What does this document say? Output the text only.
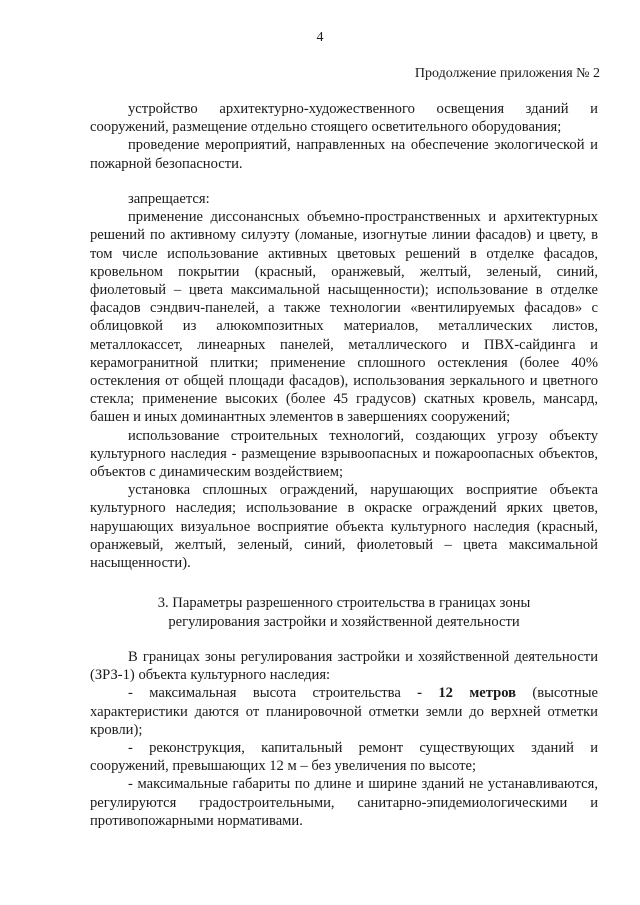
4
Продолжение приложения № 2

устройство архитектурно-художественного освещения зданий и сооружений, размещение отдельно стоящего осветительного оборудования;

проведение мероприятий, направленных на обеспечение экологической и пожарной безопасности.

запрещается:

применение диссонансных объемно-пространственных и архитектурных решений по активному силуэту (ломаные, изогнутые линии фасадов) и цвету, в том числе использование активных цветовых решений в отделке фасадов, кровельном покрытии (красный, оранжевый, желтый, зеленый, синий, фиолетовый – цвета максимальной насыщенности); использование в отделке фасадов сэндвич-панелей, а также технологии «вентилируемых фасадов» с облицовкой из алюкомпозитных материалов, металлических листов, металлокассет, линеарных панелей, металлического и ПВХ-сайдинга и керамогранитной плитки; применение сплошного остекления (более 40% остекления от общей площади фасадов), использования зеркального и цветного стекла; применение высоких (более 45 градусов) скатных кровель, мансард, башен и иных доминантных элементов в завершениях сооружений;

использование строительных технологий, создающих угрозу объекту культурного наследия - размещение взрывоопасных и пожароопасных объектов, объектов с динамическим воздействием;

установка сплошных ограждений, нарушающих восприятие объекта культурного наследия; использование в окраске ограждений ярких цветов, нарушающих визуальное восприятие объекта культурного наследия (красный, оранжевый, желтый, зеленый, синий, фиолетовый – цвета максимальной насыщенности).

3. Параметры разрешенного строительства в границах зоны
регулирования застройки и хозяйственной деятельности

В границах зоны регулирования застройки и хозяйственной деятельности (ЗРЗ-1) объекта культурного наследия:

- максимальная высота строительства - 12 метров (высотные характеристики даются от планировочной отметки земли до верхней отметки кровли);

- реконструкция, капитальный ремонт существующих зданий и сооружений, превышающих 12 м – без увеличения по высоте;

- максимальные габариты по длине и ширине зданий не устанавливаются, регулируются градостроительными, санитарно-эпидемиологическими и противопожарными нормативами.
